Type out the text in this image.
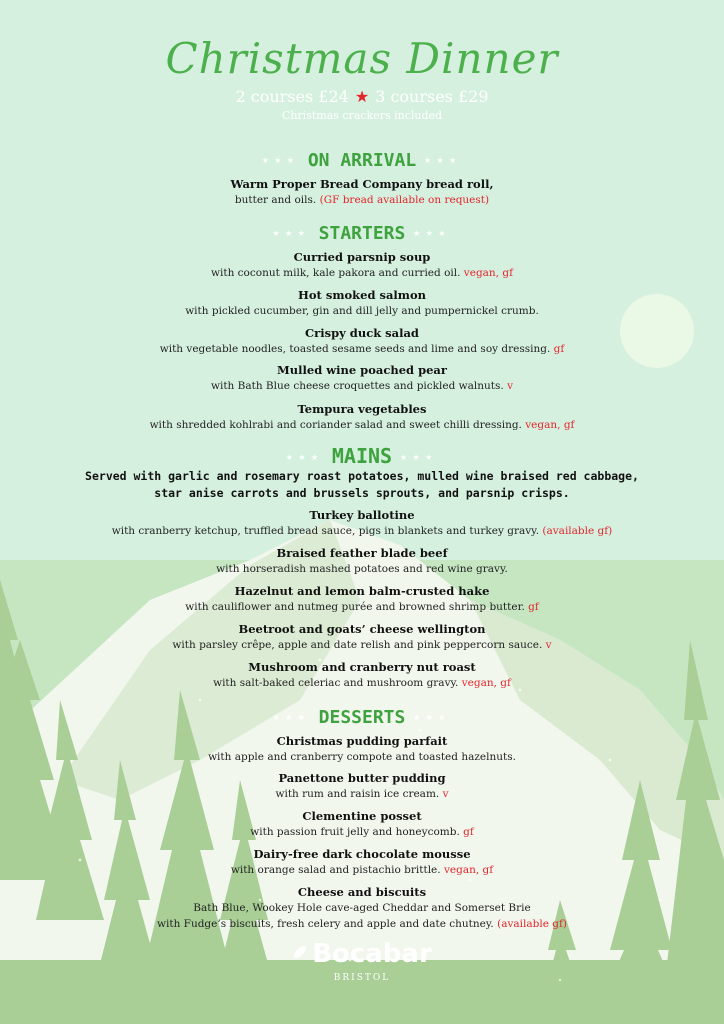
Christmas Dinner
2 courses £24 ★ 3 courses £29
Christmas crackers included
★★★ ON ARRIVAL ★★★
Warm Proper Bread Company bread roll,
butter and oils. (GF bread available on request)
★★★ STARTERS ★★★
Curried parsnip soup
with coconut milk, kale pakora and curried oil. vegan, gf
Hot smoked salmon
with pickled cucumber, gin and dill jelly and pumpernickel crumb.
Crispy duck salad
with vegetable noodles, toasted sesame seeds and lime and soy dressing. gf
Mulled wine poached pear
with Bath Blue cheese croquettes and pickled walnuts. v
Tempura vegetables
with shredded kohlrabi and coriander salad and sweet chilli dressing. vegan, gf
★★★ MAINS ★★★
Served with garlic and rosemary roast potatoes, mulled wine braised red cabbage,
star anise carrots and brussels sprouts, and parsnip crisps.
Turkey ballotine
with cranberry ketchup, truffled bread sauce, pigs in blankets and turkey gravy. (available gf)
Braised feather blade beef
with horseradish mashed potatoes and red wine gravy.
Hazelnut and lemon balm-crusted hake
with cauliflower and nutmeg purée and browned shrimp butter. gf
Beetroot and goats’ cheese wellington
with parsley crêpe, apple and date relish and pink peppercorn sauce. v
Mushroom and cranberry nut roast
with salt-baked celeriac and mushroom gravy. vegan, gf
★★★ DESSERTS ★★★
Christmas pudding parfait
with apple and cranberry compote and toasted hazelnuts.
Panettone butter pudding
with rum and raisin ice cream. v
Clementine posset
with passion fruit jelly and honeycomb. gf
Dairy-free dark chocolate mousse
with orange salad and pistachio brittle. vegan, gf
Cheese and biscuits
Bath Blue, Wookey Hole cave-aged Cheddar and Somerset Brie
with Fudge’s biscuits, fresh celery and apple and date chutney. (available gf)
Bocabar
BRISTOL
